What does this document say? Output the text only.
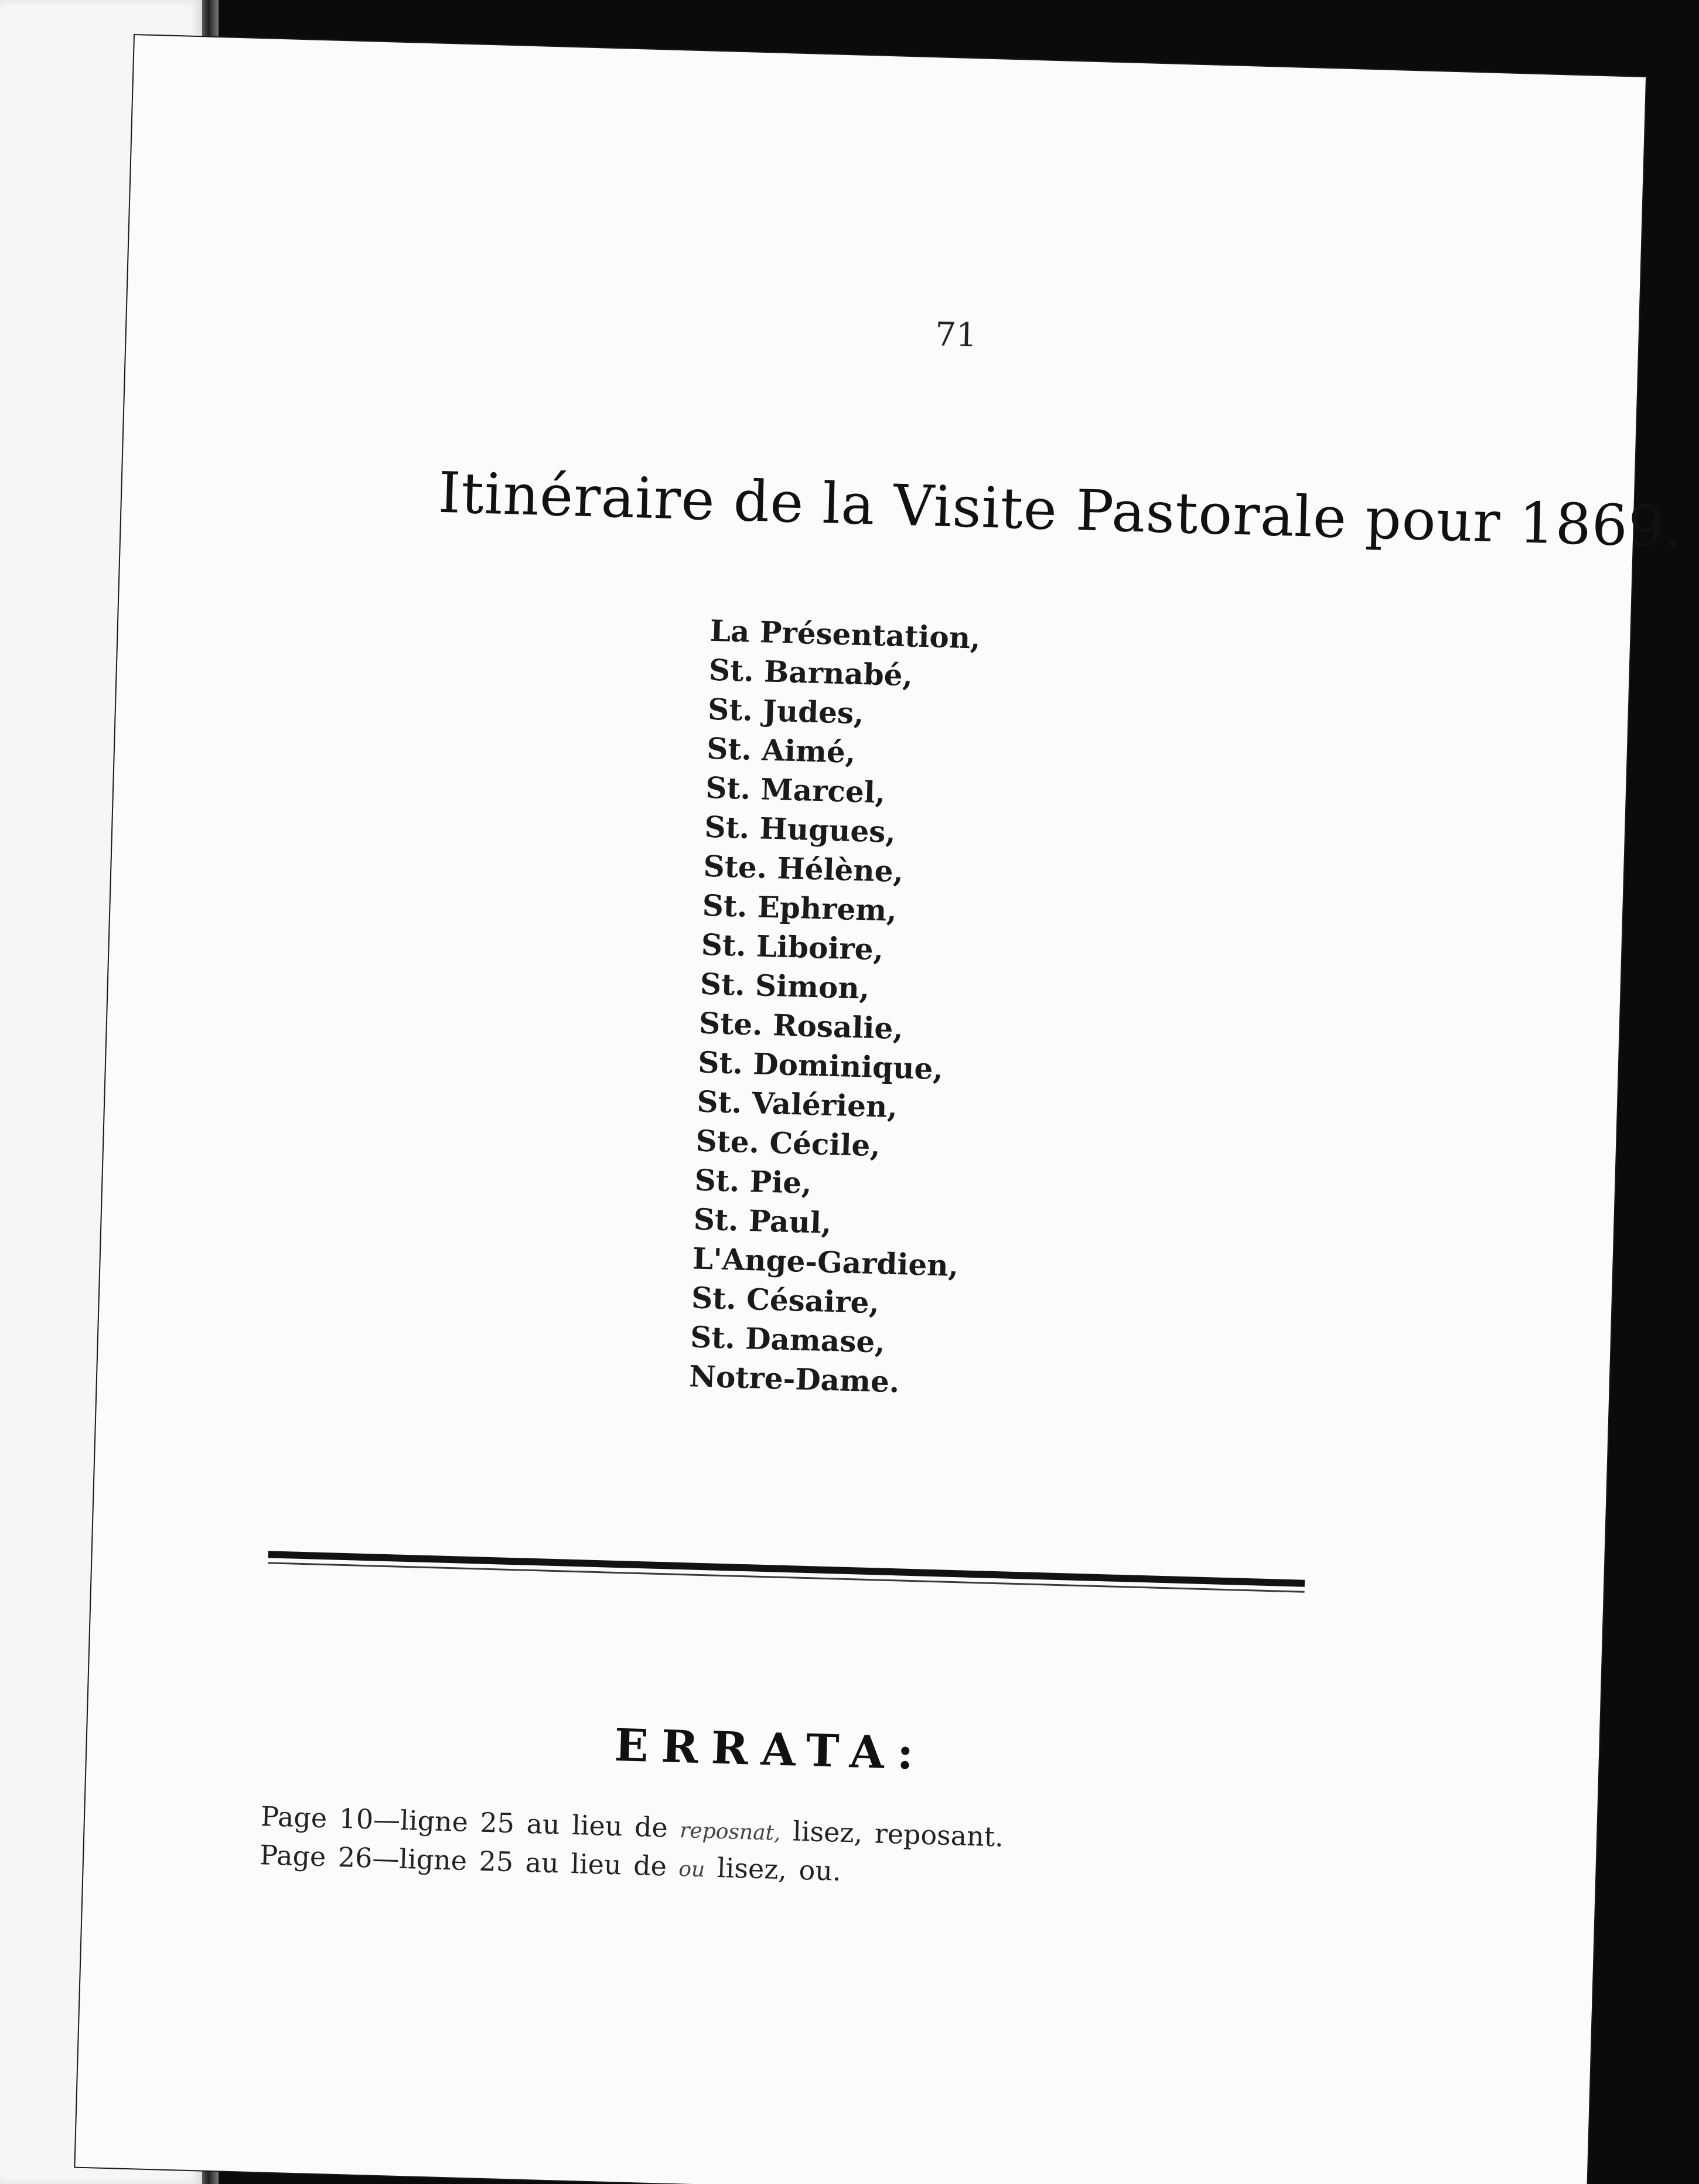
71
Itinéraire de la Visite Pastorale pour 1869.
La Présentation,
St. Barnabé,
St. Judes,
St. Aimé,
St. Marcel,
St. Hugues,
Ste. Hélène,
St. Ephrem,
St. Liboire,
St. Simon,
Ste. Rosalie,
St. Dominique,
St. Valérien,
Ste. Cécile,
St. Pie,
St. Paul,
L'Ange-Gardien,
St. Césaire,
St. Damase,
Notre-Dame.
ERRATA:
Page 10—ligne 25 au lieu de reposnat, lisez, reposant.
Page 26—ligne 25 au lieu de ou lisez, ou.
